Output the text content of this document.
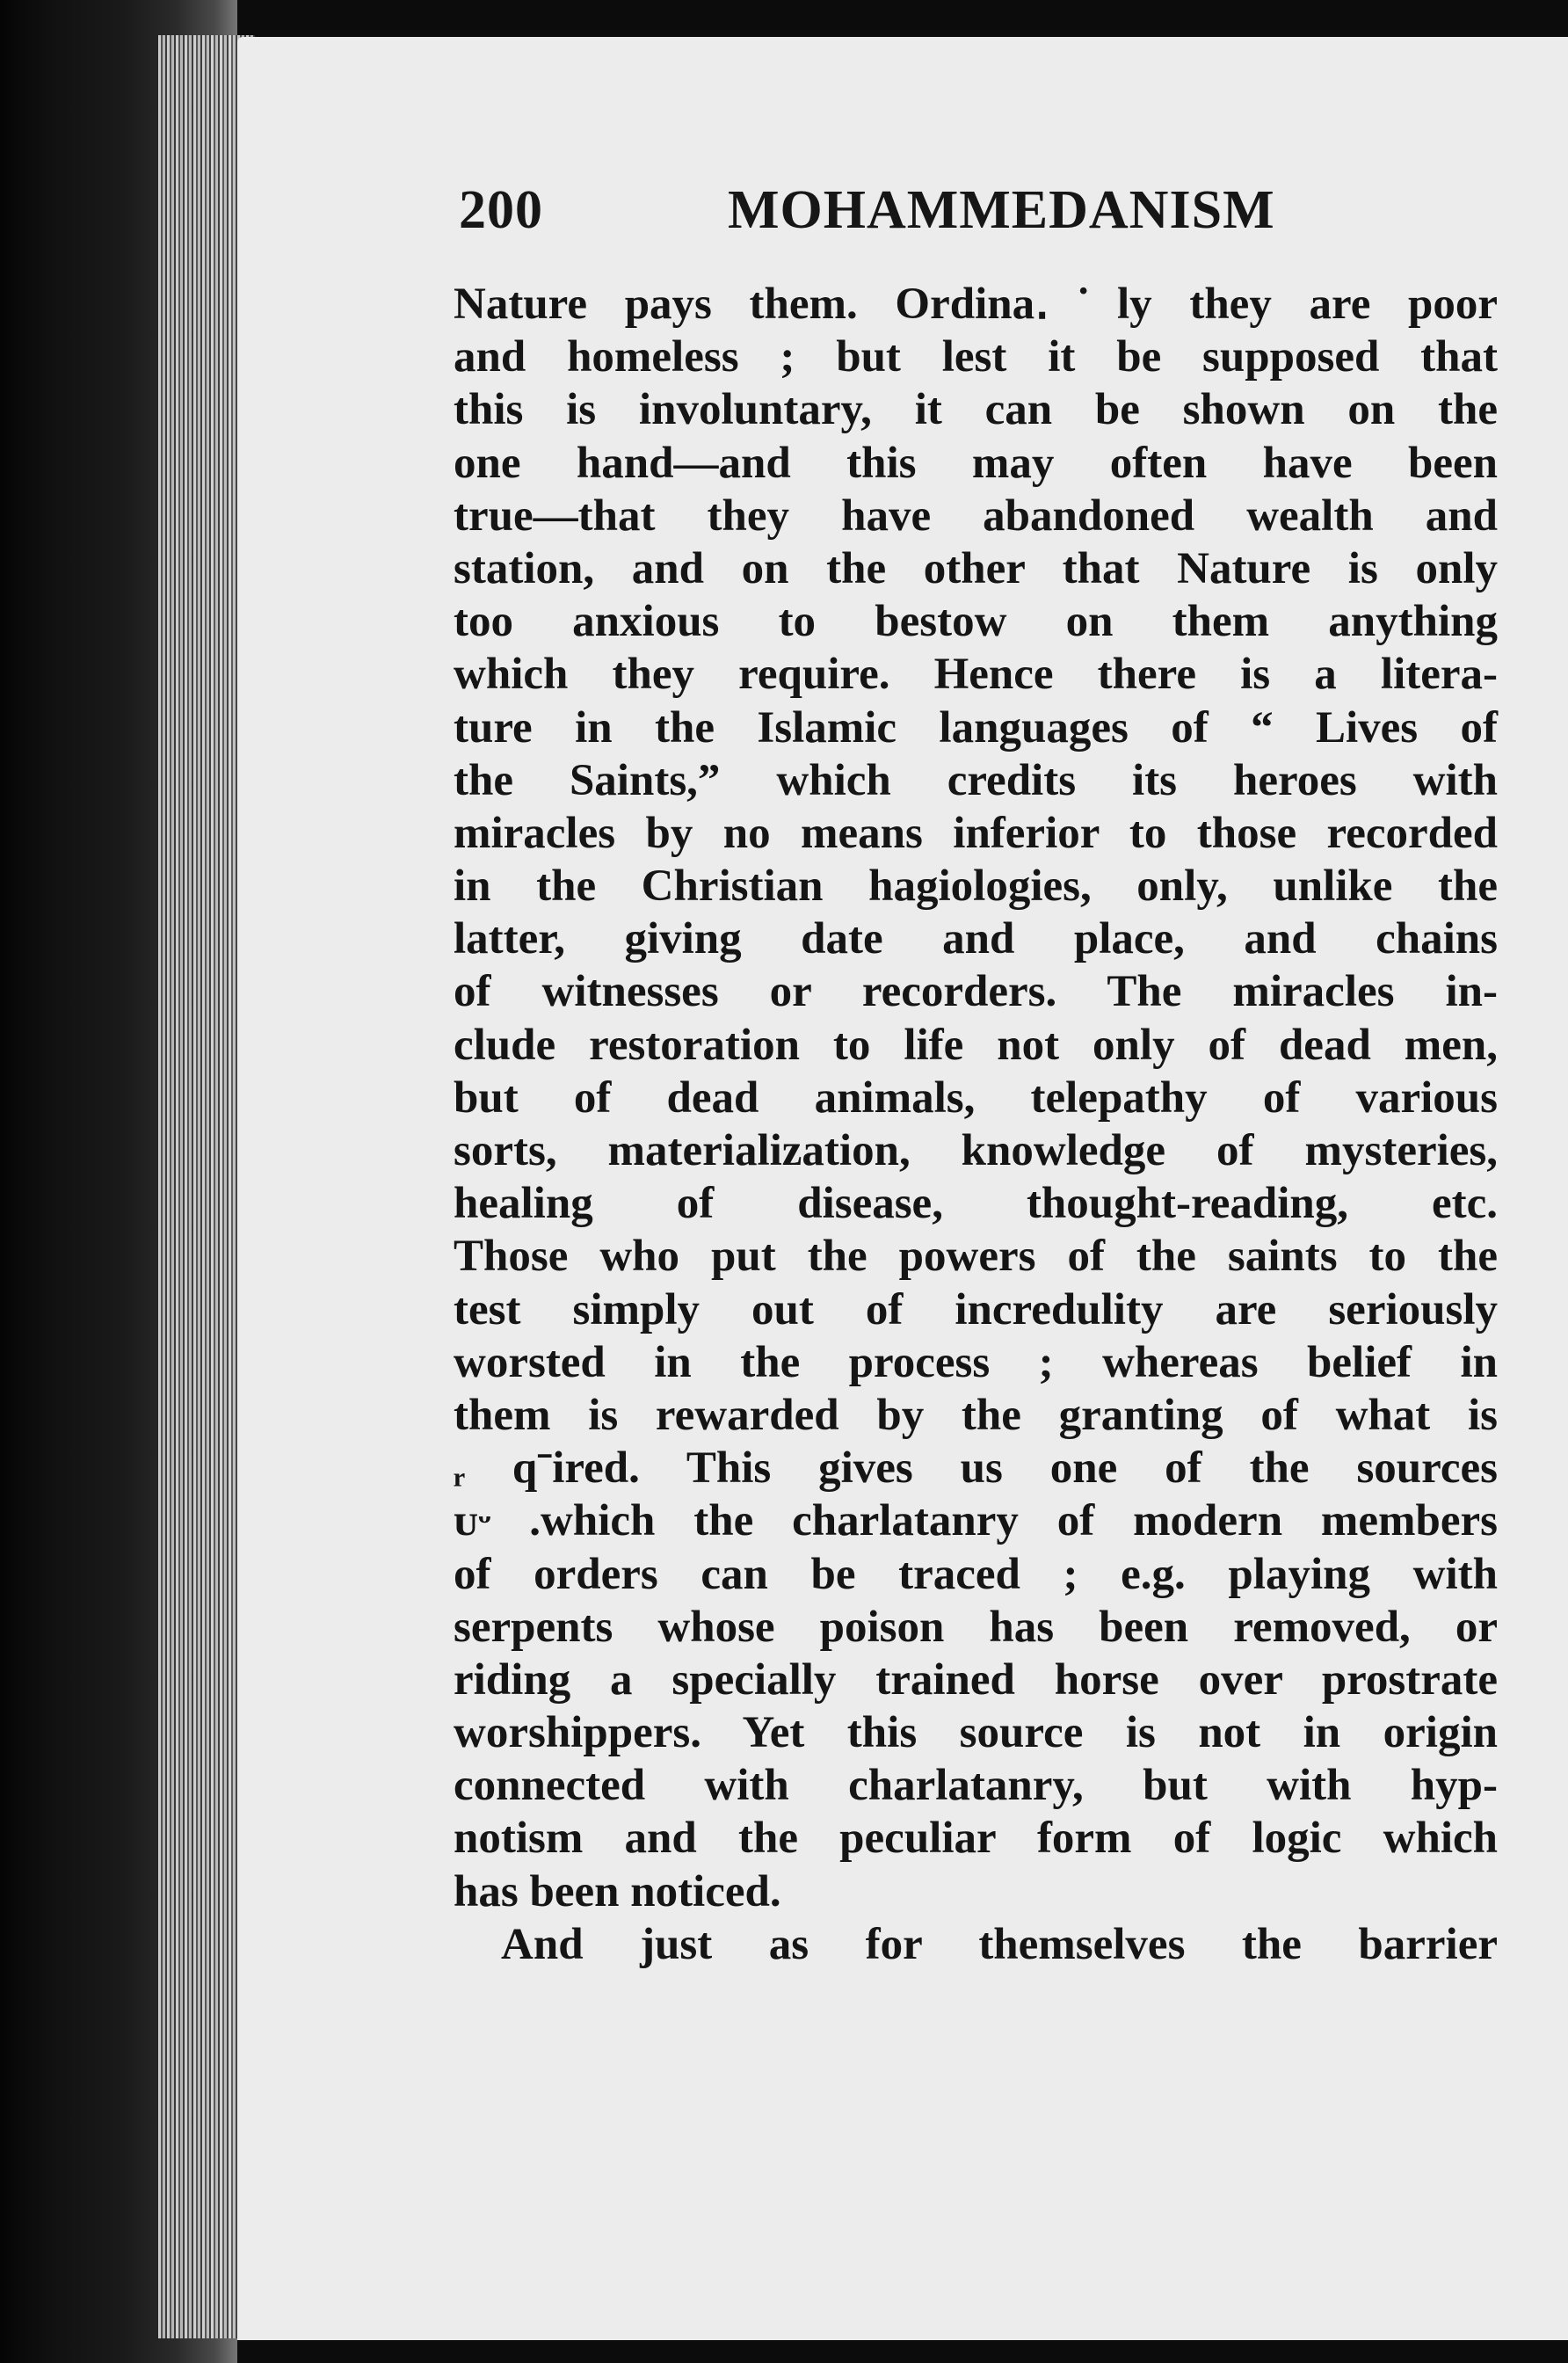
200	MOHAMMEDANISM
Nature pays them. Ordina․˙ly they are poor
and homeless ; but lest it be supposed that
this is involuntary, it can be shown on the
one hand—and this may often have been
true—that they have abandoned wealth and
station, and on the other that Nature is only
too anxious to bestow on them anything
which they require. Hence there is a litera-
ture in the Islamic languages of “ Lives of
the Saints,” which credits its heroes with
miracles by no means inferior to those recorded
in the Christian hagiologies, only, unlike the
latter, giving date and place, and chains
of witnesses or recorders. The miracles in-
clude restoration to life not only of dead men,
but of dead animals, telepathy of various
sorts, materialization, knowledge of mysteries,
healing of disease, thought-reading, etc.
Those who put the powers of the saints to the
test simply out of incredulity are seriously
worsted in the process ; whereas belief in
them is rewarded by the granting of what is
ᵣ qˉired. This gives us one of the sources
ᴜᵕ .ᴡhich the charlatanry of modern members
of orders can be traced ; e.g. playing with
serpents whose poison has been removed, or
riding a specially trained horse over prostrate
worshippers. Yet this source is not in origin
connected with charlatanry, but with hyp-
notism and the peculiar form of logic which
has been noticed.
And just as for themselves the barrier
